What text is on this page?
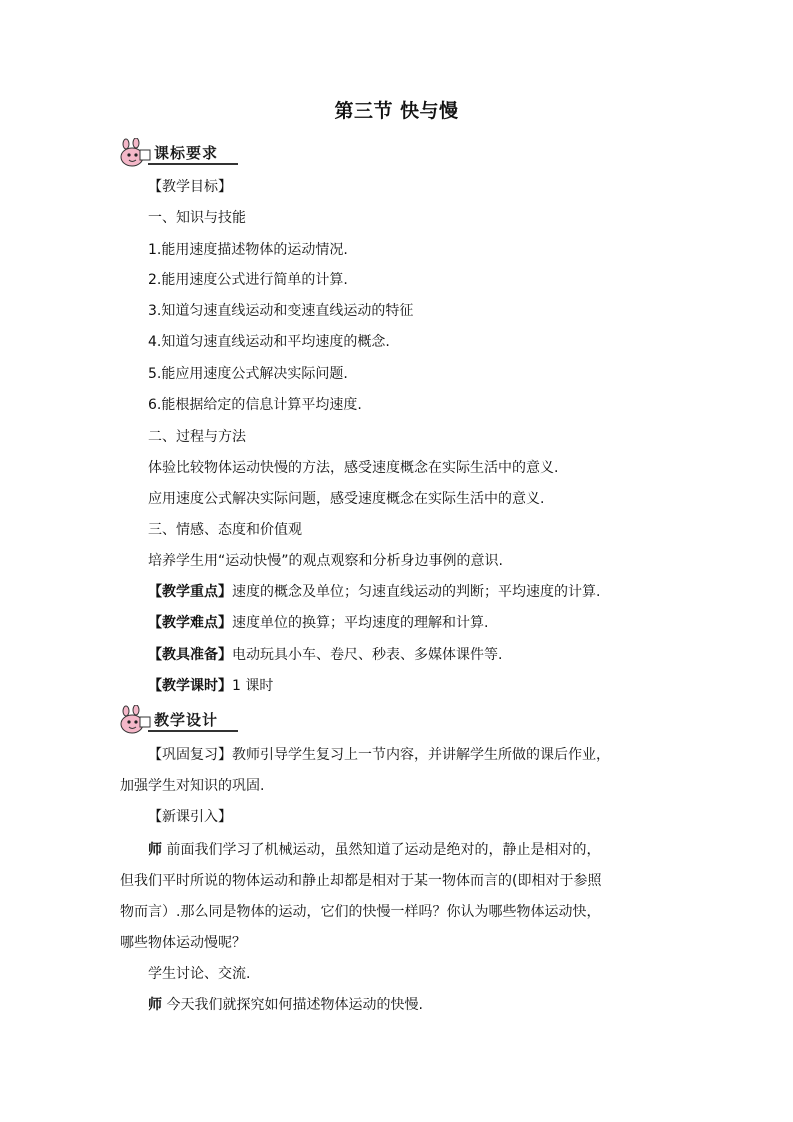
第三节 快与慢
课标要求
【教学目标】
一、知识与技能
1.能用速度描述物体的运动情况.
2.能用速度公式进行简单的计算.
3.知道匀速直线运动和变速直线运动的特征
4.知道匀速直线运动和平均速度的概念.
5.能应用速度公式解决实际问题.
6.能根据给定的信息计算平均速度.
二、过程与方法
体验比较物体运动快慢的方法，感受速度概念在实际生活中的意义.
应用速度公式解决实际问题，感受速度概念在实际生活中的意义.
三、情感、态度和价值观
培养学生用“运动快慢”的观点观察和分析身边事例的意识.
【教学重点】速度的概念及单位；匀速直线运动的判断；平均速度的计算.
【教学难点】速度单位的换算；平均速度的理解和计算.
【教具准备】电动玩具小车、卷尺、秒表、多媒体课件等.
【教学课时】1 课时
教学设计
【巩固复习】教师引导学生复习上一节内容，并讲解学生所做的课后作业，
加强学生对知识的巩固.
【新课引入】
师 前面我们学习了机械运动，虽然知道了运动是绝对的，静止是相对的，
但我们平时所说的物体运动和静止却都是相对于某一物体而言的(即相对于参照
物而言）.那么同是物体的运动，它们的快慢一样吗？你认为哪些物体运动快，
哪些物体运动慢呢？
学生讨论、交流.
师 今天我们就探究如何描述物体运动的快慢.
